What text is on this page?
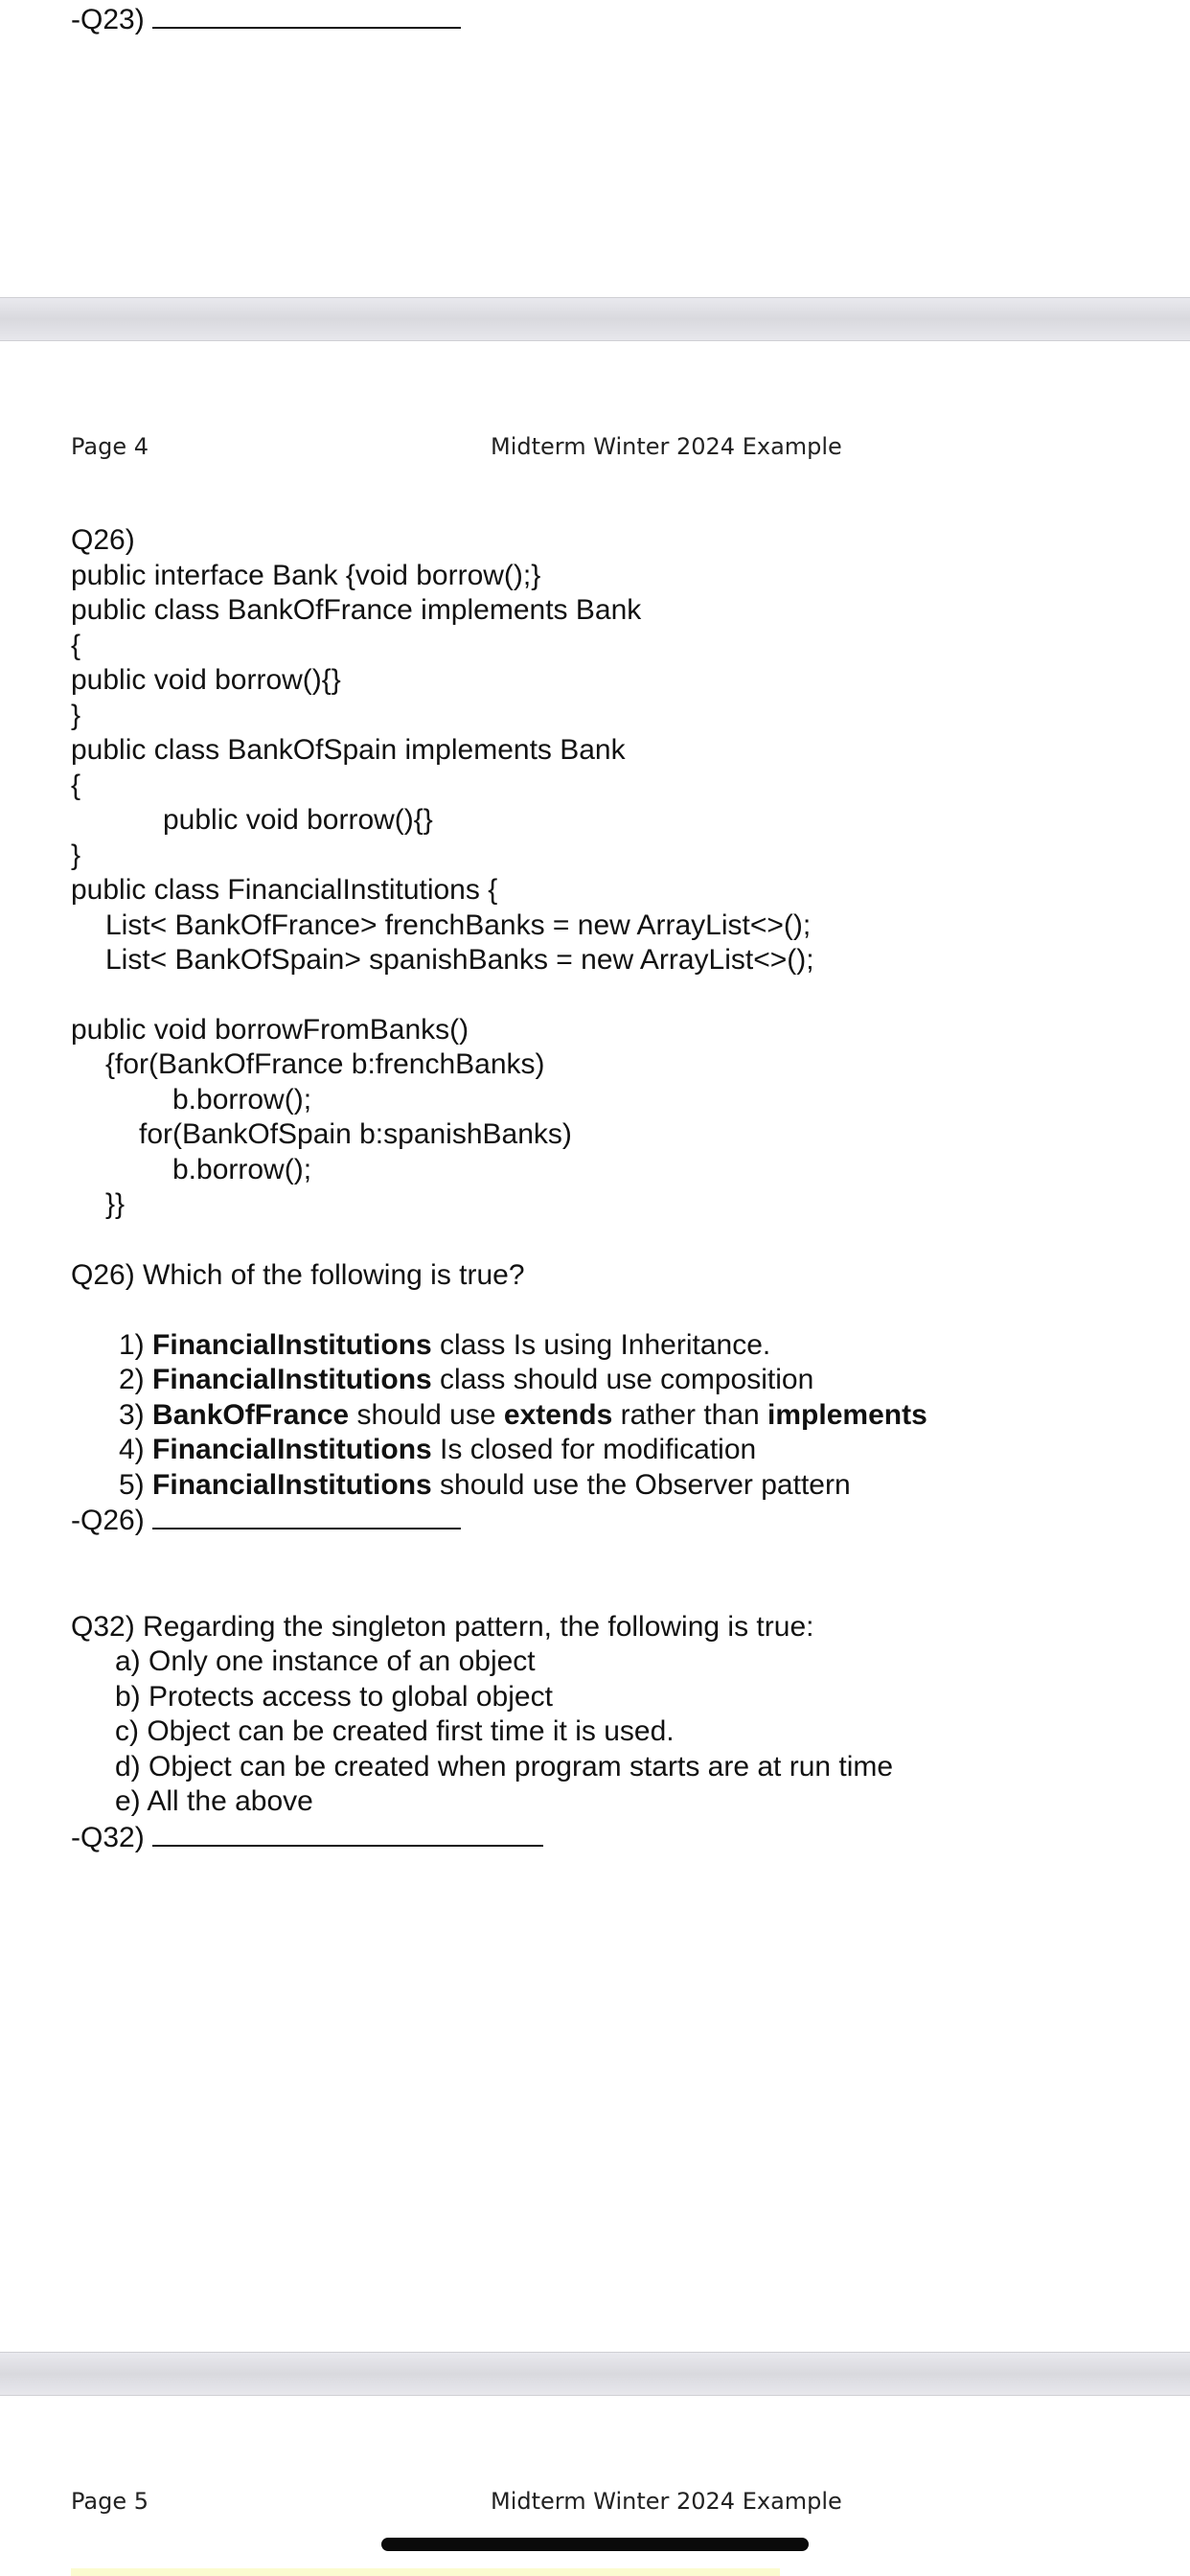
-Q23)
Page 4	Midterm Winter 2024 Example
Q26)
public interface Bank {void borrow();}
public class BankOfFrance implements Bank
{
public void borrow(){}
}
public class BankOfSpain implements Bank
{
public void borrow(){}
}
public class FinancialInstitutions {
List< BankOfFrance> frenchBanks = new ArrayList<>();
List< BankOfSpain> spanishBanks = new ArrayList<>();
public void borrowFromBanks()
{for(BankOfFrance b:frenchBanks)
b.borrow();
for(BankOfSpain b:spanishBanks)
b.borrow();
}}
Q26) Which of the following is true?
1) FinancialInstitutions class Is using Inheritance.
2) FinancialInstitutions class should use composition
3) BankOfFrance should use extends rather than implements
4) FinancialInstitutions Is closed for modification
5) FinancialInstitutions should use the Observer pattern
-Q26)
Q32) Regarding the singleton pattern, the following is true:
a) Only one instance of an object
b) Protects access to global object
c) Object can be created first time it is used.
d) Object can be created when program starts are at run time
e) All the above
-Q32)
Page 5	Midterm Winter 2024 Example
